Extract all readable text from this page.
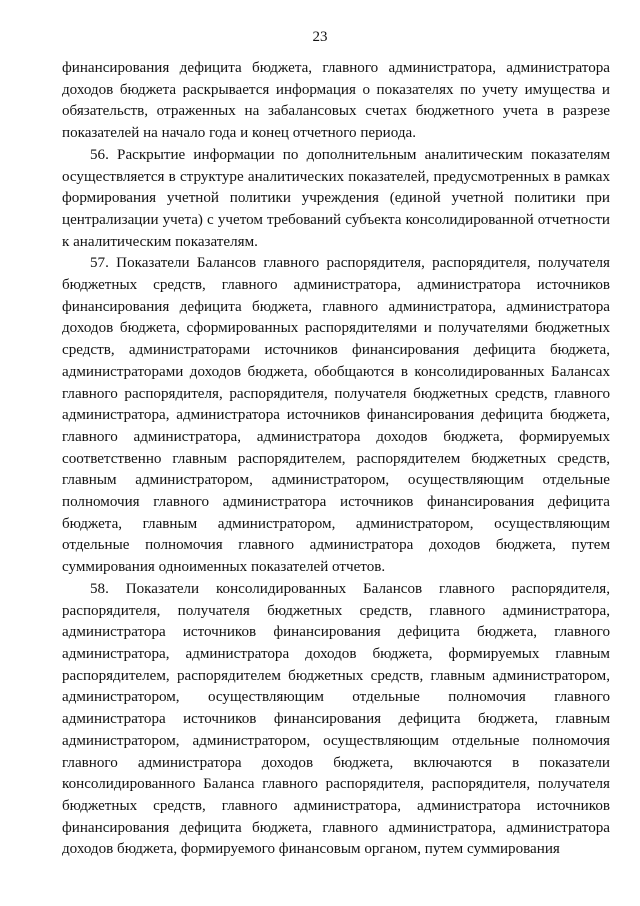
23

финансирования дефицита бюджета, главного администратора, администратора доходов бюджета раскрывается информация о показателях по учету имущества и обязательств, отраженных на забалансовых счетах бюджетного учета в разрезе показателей на начало года и конец отчетного периода.

56. Раскрытие информации по дополнительным аналитическим показателям осуществляется в структуре аналитических показателей, предусмотренных в рамках формирования учетной политики учреждения (единой учетной политики при централизации учета) с учетом требований субъекта консолидированной отчетности к аналитическим показателям.

57. Показатели Балансов главного распорядителя, распорядителя, получателя бюджетных средств, главного администратора, администратора источников финансирования дефицита бюджета, главного администратора, администратора доходов бюджета, сформированных распорядителями и получателями бюджетных средств, администраторами источников финансирования дефицита бюджета, администраторами доходов бюджета, обобщаются в консолидированных Балансах главного распорядителя, распорядителя, получателя бюджетных средств, главного администратора, администратора источников финансирования дефицита бюджета, главного администратора, администратора доходов бюджета, формируемых соответственно главным распорядителем, распорядителем бюджетных средств, главным администратором, администратором, осуществляющим отдельные полномочия главного администратора источников финансирования дефицита бюджета, главным администратором, администратором, осуществляющим отдельные полномочия главного администратора доходов бюджета, путем суммирования одноименных показателей отчетов.

58. Показатели консолидированных Балансов главного распорядителя, распорядителя, получателя бюджетных средств, главного администратора, администратора источников финансирования дефицита бюджета, главного администратора, администратора доходов бюджета, формируемых главным распорядителем, распорядителем бюджетных средств, главным администратором, администратором, осуществляющим отдельные полномочия главного администратора источников финансирования дефицита бюджета, главным администратором, администратором, осуществляющим отдельные полномочия главного администратора доходов бюджета, включаются в показатели консолидированного Баланса главного распорядителя, распорядителя, получателя бюджетных средств, главного администратора, администратора источников финансирования дефицита бюджета, главного администратора, администратора доходов бюджета, формируемого финансовым органом, путем суммирования
